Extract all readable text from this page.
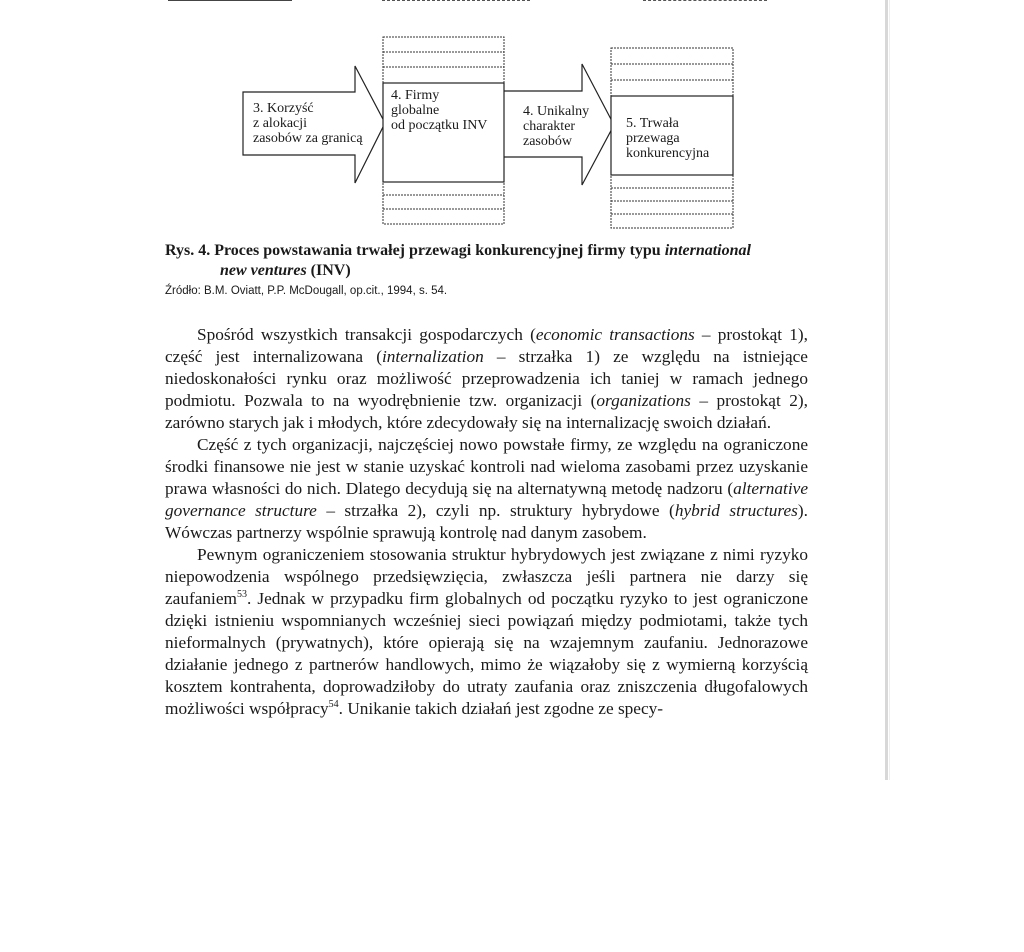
3. Korzyść
z alokacji
zasobów za granicą
4. Firmy
globalne
od początku INV
4. Unikalny
charakter
zasobów
5. Trwała
przewaga
konkurencyjna
Rys. 4. Proces powstawania trwałej przewagi konkurencyjnej firmy typu international
new ventures (INV)
Źródło: B.M. Oviatt, P.P. McDougall, op.cit., 1994, s. 54.

Spośród wszystkich transakcji gospodarczych (economic transactions – prostokąt 1), część jest internalizowana (internalization – strzałka 1) ze względu na istniejące niedoskonałości rynku oraz możliwość przeprowadzenia ich taniej w ramach jednego podmiotu. Pozwala to na wyodrębnienie tzw. organizacji (organizations – prostokąt 2), zarówno starych jak i młodych, które zdecydowały się na internalizację swoich działań.

Część z tych organizacji, najczęściej nowo powstałe firmy, ze względu na ograniczone środki finansowe nie jest w stanie uzyskać kontroli nad wieloma zasobami przez uzyskanie prawa własności do nich. Dlatego decydują się na alternatywną metodę nadzoru (alternative governance structure – strzałka 2), czyli np. struktury hybrydowe (hybrid structures). Wówczas partnerzy wspólnie sprawują kontrolę nad danym zasobem.

Pewnym ograniczeniem stosowania struktur hybrydowych jest związane z nimi ryzyko niepowodzenia wspólnego przedsięwzięcia, zwłaszcza jeśli partnera nie darzy się zaufaniem$^{53}$. Jednak w przypadku firm globalnych od początku ryzyko to jest ograniczone dzięki istnieniu wspomnianych wcześniej sieci powiązań między podmiotami, także tych nieformalnych (prywatnych), które opierają się na wzajemnym zaufaniu. Jednorazowe działanie jednego z partnerów handlowych, mimo że wiązałoby się z wymierną korzyścią kosztem kontrahenta, doprowadziłoby do utraty zaufania oraz zniszczenia długofalowych możliwości współpracy$^{54}$. Unikanie takich działań jest zgodne ze specy-
